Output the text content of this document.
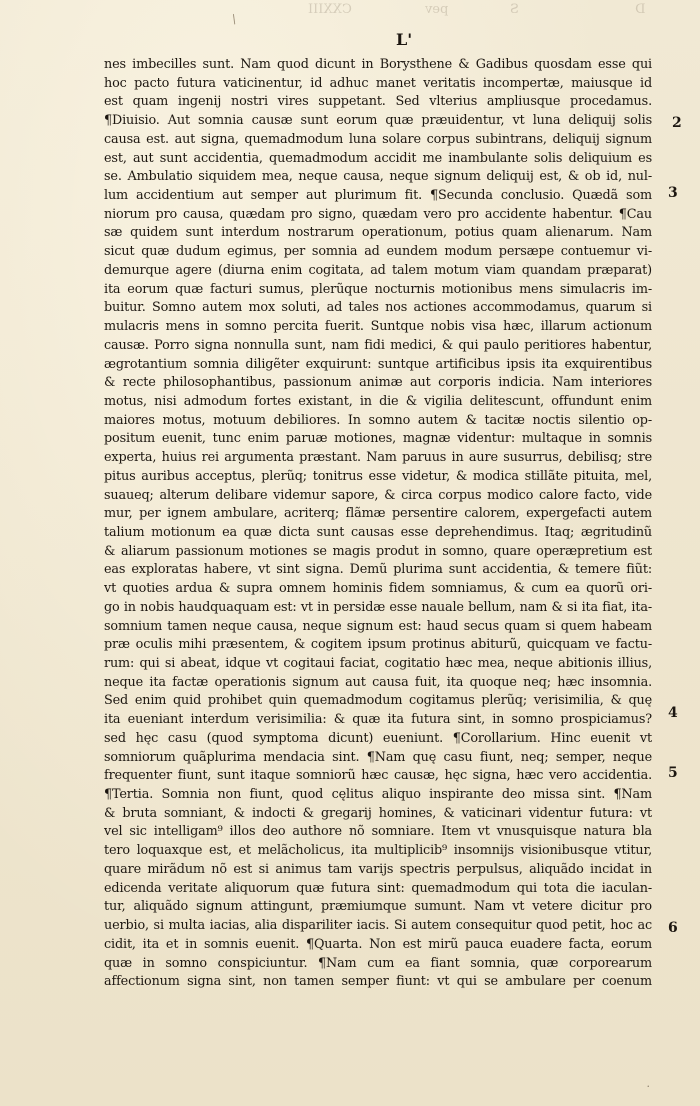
CXXIII	pev	S	D
/
L'
nes imbecilles sunt. Nam quod dicunt in Borysthene & Gadibus quosdam esse qui
hoc pacto futura vaticinentur, id adhuc manet veritatis incompertæ, maiusque id
est quam ingenij nostri vires suppetant. Sed vlterius ampliusque procedamus.
¶Diuisio. Aut somnia causæ sunt eorum quæ præuidentur, vt luna deliquij solis
causa est. aut signa, quemadmodum luna solare corpus subintrans, deliquij signum
est, aut sunt accidentia, quemadmodum accidit me inambulante solis deliquium es
se. Ambulatio siquidem mea, neque causa, neque signum deliquij est, & ob id, nul-
lum accidentium aut semper aut plurimum fit. ¶Secunda conclusio. Quædã som
niorum pro causa, quædam pro signo, quædam vero pro accidente habentur. ¶Cau
sæ quidem sunt interdum nostrarum operationum, potius quam alienarum. Nam
sicut quæ dudum egimus, per somnia ad eundem modum persæpe contuemur vi-
demurque agere (diurna enim cogitata, ad talem motum viam quandam præparat)
ita eorum quæ facturi sumus, plerũque nocturnis motionibus mens simulacris im-
buitur. Somno autem mox soluti, ad tales nos actiones accommodamus, quarum si
mulacris mens in somno percita fuerit. Suntque nobis visa hæc, illarum actionum
causæ. Porro signa nonnulla sunt, nam fidi medici, & qui paulo peritiores habentur,
ægrotantium somnia diligẽter exquirunt: suntque artificibus ipsis ita exquirentibus
& recte philosophantibus, passionum animæ aut corporis indicia. Nam interiores
motus, nisi admodum fortes existant, in die & vigilia delitescunt, offundunt enim
maiores motus, motuum debiliores. In somno autem & tacitæ noctis silentio op-
positum euenit, tunc enim paruæ motiones, magnæ videntur: multaque in somnis
experta, huius rei argumenta præstant. Nam paruus in aure susurrus, debilisq; stre
pitus auribus acceptus, plerũq; tonitrus esse videtur, & modica stillãte pituita, mel,
suaueq; alterum delibare videmur sapore, & circa corpus modico calore facto, vide
mur, per ignem ambulare, acriterq; flãmæ persentire calorem, expergefacti autem
talium motionum ea quæ dicta sunt causas esse deprehendimus. Itaq; ægritudinũ
& aliarum passionum motiones se magis produt in somno, quare operæpretium est
eas exploratas habere, vt sint signa. Demũ plurima sunt accidentia, & temere fiũt:
vt quoties ardua & supra omnem hominis fidem somniamus, & cum ea quorũ ori-
go in nobis haudquaquam est: vt in persidæ esse nauale bellum, nam & si ita fiat, ita-
somnium tamen neque causa, neque signum est: haud secus quam si quem habeam
præ oculis mihi præsentem, & cogitem ipsum protinus abiturũ, quicquam ve factu-
rum: qui si abeat, idque vt cogitaui faciat, cogitatio hæc mea, neque abitionis illius,
neque ita factæ operationis signum aut causa fuit, ita quoque neq; hæc insomnia.
Sed enim quid prohibet quin quemadmodum cogitamus plerũq; verisimilia, & quę
ita eueniant interdum verisimilia: & quæ ita futura sint, in somno prospiciamus?
sed hęc casu (quod symptoma dicunt) eueniunt. ¶Corollarium. Hinc euenit vt
somniorum quãplurima mendacia sint. ¶Nam quę casu fiunt, neq; semper, neque
frequenter fiunt, sunt itaque somniorũ hæc causæ, hęc signa, hæc vero accidentia.
¶Tertia. Somnia non fiunt, quod cęlitus aliquo inspirante deo missa sint. ¶Nam
& bruta somniant, & indocti & gregarij homines, & vaticinari videntur futura: vt
vel sic intelligam⁹ illos deo authore nõ somniare. Item vt vnusquisque natura bla
tero loquaxque est, et melãcholicus, ita multiplicib⁹ insomnijs visionibusque vtitur,
quare mirãdum nõ est si animus tam varijs spectris perpulsus, aliquãdo incidat in
edicenda veritate aliquorum quæ futura sint: quemadmodum qui tota die iaculan-
tur, aliquãdo signum attingunt, præmiumque sumunt. Nam vt vetere dicitur pro
uerbio, si multa iacias, alia dispariliter iacis. Si autem consequitur quod petit, hoc ac
cidit, ita et in somnis euenit. ¶Quarta. Non est mirũ pauca euadere facta, eorum
quæ in somno conspiciuntur. ¶Nam cum ea fiant somnia, quæ corporearum
affectionum signa sint, non tamen semper fiunt: vt qui se ambulare per coenum
2
3
4
5
6
·
